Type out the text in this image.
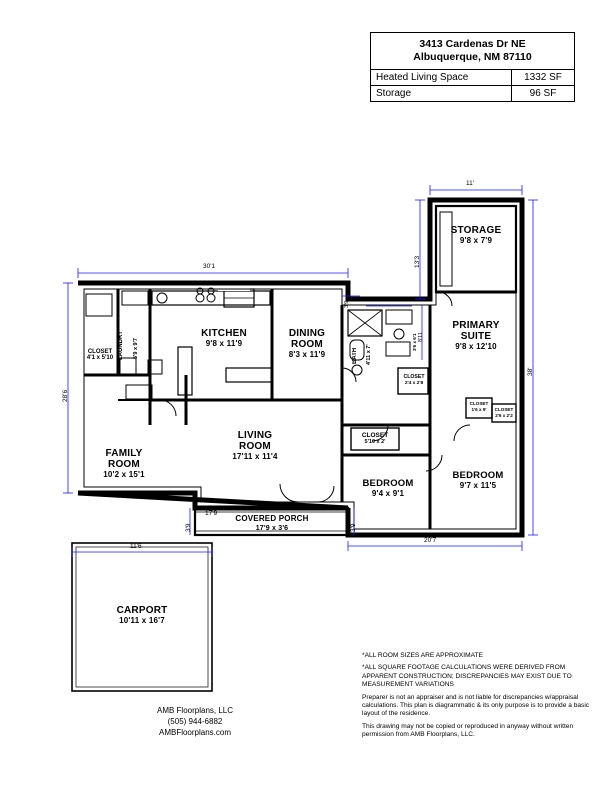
3413 Cardenas Dr NE
Albuquerque, NM 87110
Heated Living Space	1332 SF
Storage	96 SF
STORAGE
9'8 x 7'9
PRIMARY
SUITE
9'8 x 12'10
KITCHEN
9'8 x 11'9
DINING
ROOM
8'3 x 11'9
FAMILY
ROOM
10'2 x 15'1
LIVING
ROOM
17'11 x 11'4
BEDROOM
9'4 x 9'1
BEDROOM
9'7 x 11'5
COVERED PORCH
17'9 x 3'6
CARPORT
10'11 x 16'7
LAUNDRY 5'9 x 9'7
CLOSET
4'1 x 5'10	BATH 4'11 x 7'
CLOSET
2'4 x 2'8
CLOSET
5'10 x 2'
CLOSET
1'6 x 9'	CLOSET
2'6 x 2'2
3'6 x 6'1
11'
13'3
30'1
28'6
38'
20'7
11'6
17'9
3'9	3'9
3'9
8'9
8'11
*ALL ROOM SIZES ARE APPROXIMATE
*ALL SQUARE FOOTAGE CALCULATIONS WERE DERIVED FROM APPARENT CONSTRUCTION; DISCREPANCIES MAY EXIST DUE TO MEASUREMENT VARIATIONS
Preparer is not an appraiser and is not liable for discrepancies w/appraisal calculations. This plan is diagrammatic & its only purpose is to provide a basic layout of the residence.
This drawing may not be copied or reproduced in anyway without written permission from AMB Floorplans, LLC.
AMB Floorplans, LLC
(505) 944-6882
AMBFloorplans.com
